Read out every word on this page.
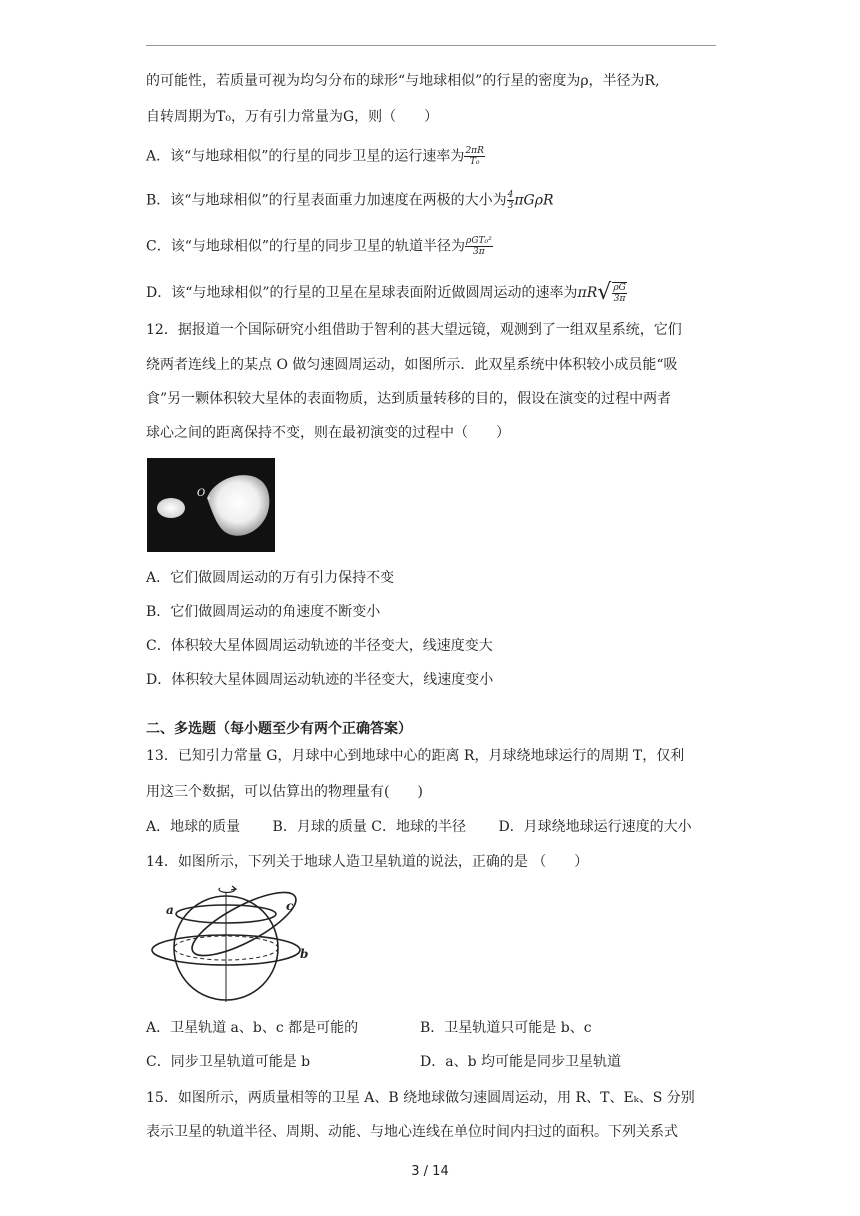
的可能性，若质量可视为均匀分布的球形“与地球相似”的行星的密度为ρ，半径为R,
自转周期为T₀，万有引力常量为G，则（　　）
A．该“与地球相似”的行星的同步卫星的运行速率为 $\frac{2\pi R}{\text{T₀}}$
B．该“与地球相似”的行星表面重力加速度在两极的大小为 $\frac{4}{3}$ πGρR
C．该“与地球相似”的行星的同步卫星的轨道半径为 $\frac{\text{ρGT₀²}}{3\pi}$
D．该“与地球相似”的行星的卫星在星球表面附近做圆周运动的速率为$\pi R√ \frac{\rho G}{3\pi}$
12．据报道一个国际研究小组借助于智利的甚大望远镜，观测到了一组双星系统，它们
绕两者连线上的某点 O 做匀速圆周运动，如图所示．此双星系统中体积较小成员能“吸
食”另一颗体积较大星体的表面物质，达到质量转移的目的，假设在演变的过程中两者
球心之间的距离保持不变，则在最初演变的过程中（　　）
O
A．它们做圆周运动的万有引力保持不变
B．它们做圆周运动的角速度不断变小
C．体积较大星体圆周运动轨迹的半径变大，线速度变大
D．体积较大星体圆周运动轨迹的半径变大，线速度变小
二、多选题（每小题至少有两个正确答案）
13．已知引力常量 G，月球中心到地球中心的距离 R，月球绕地球运行的周期 T，仅利
用这三个数据，可以估算出的物理量有(　　)
A．地球的质量　　 B．月球的质量 C．地球的半径　　 D．月球绕地球运行速度的大小
14．如图所示，下列关于地球人造卫星轨道的说法，正确的是 （　　）
a	c
b
A．卫星轨道 a、b、c 都是可能的	B．卫星轨道只可能是 b、c
C．同步卫星轨道可能是 b	D．a、b 均可能是同步卫星轨道
15．如图所示，两质量相等的卫星 A、B 绕地球做匀速圆周运动，用 R、T、Eₖ、S 分别
表示卫星的轨道半径、周期、动能、与地心连线在单位时间内扫过的面积。下列关系式
3 / 14
